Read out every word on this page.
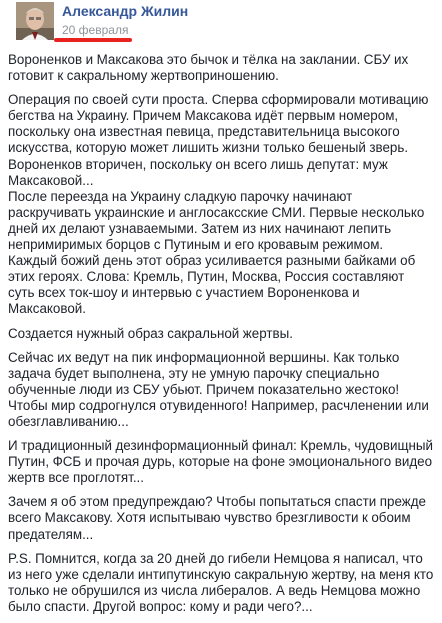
Александр Жилин
20 февраля

Вороненков и Максакова это бычок и тёлка на заклании. СБУ их готовит к сакральному жертвоприношению.

Операция по своей сути проста. Сперва сформировали мотивацию бегства на Украину. Причем Максакова идёт первым номером, поскольку она известная певица, представительница высокого искусства, которую может лишить жизни только бешеный зверь. Вороненков вторичен, поскольку он всего лишь депутат: муж Максаковой...
После переезда на Украину сладкую парочку начинают раскручивать украинские и англосаксские СМИ. Первые несколько дней их делают узнаваемыми. Затем из них начинают лепить непримиримых борцов с Путиным и его кровавым режимом. Каждый божий день этот образ усиливается разными байками об этих героях. Слова: Кремль, Путин, Москва, Россия составляют суть всех ток-шоу и интервью с участием Вороненкова и Максаковой.

Создается нужный образ сакральной жертвы.

Сейчас их ведут на пик информационной вершины. Как только задача будет выполнена, эту не умную парочку специально обученные люди из СБУ убьют. Причем показательно жестоко! Чтобы мир содрогнулся отувиденного! Например, расчленении или обезглавливанию...

И традиционный дезинформационный финал: Кремль, чудовищный Путин, ФСБ и прочая дурь, которые на фоне эмоционального видео жертв все проглотят...

Зачем я об этом предупреждаю? Чтобы попытаться спасти прежде всего Максакову. Хотя испытываю чувство брезгливости к обоим предателям...

P.S. Помнится, когда за 20 дней до гибели Немцова я написал, что из него уже сделали интипутинскую сакральную жертву, на меня кто только не обрушился из числа либералов. А ведь Немцова можно было спасти. Другой вопрос: кому и ради чего?...
